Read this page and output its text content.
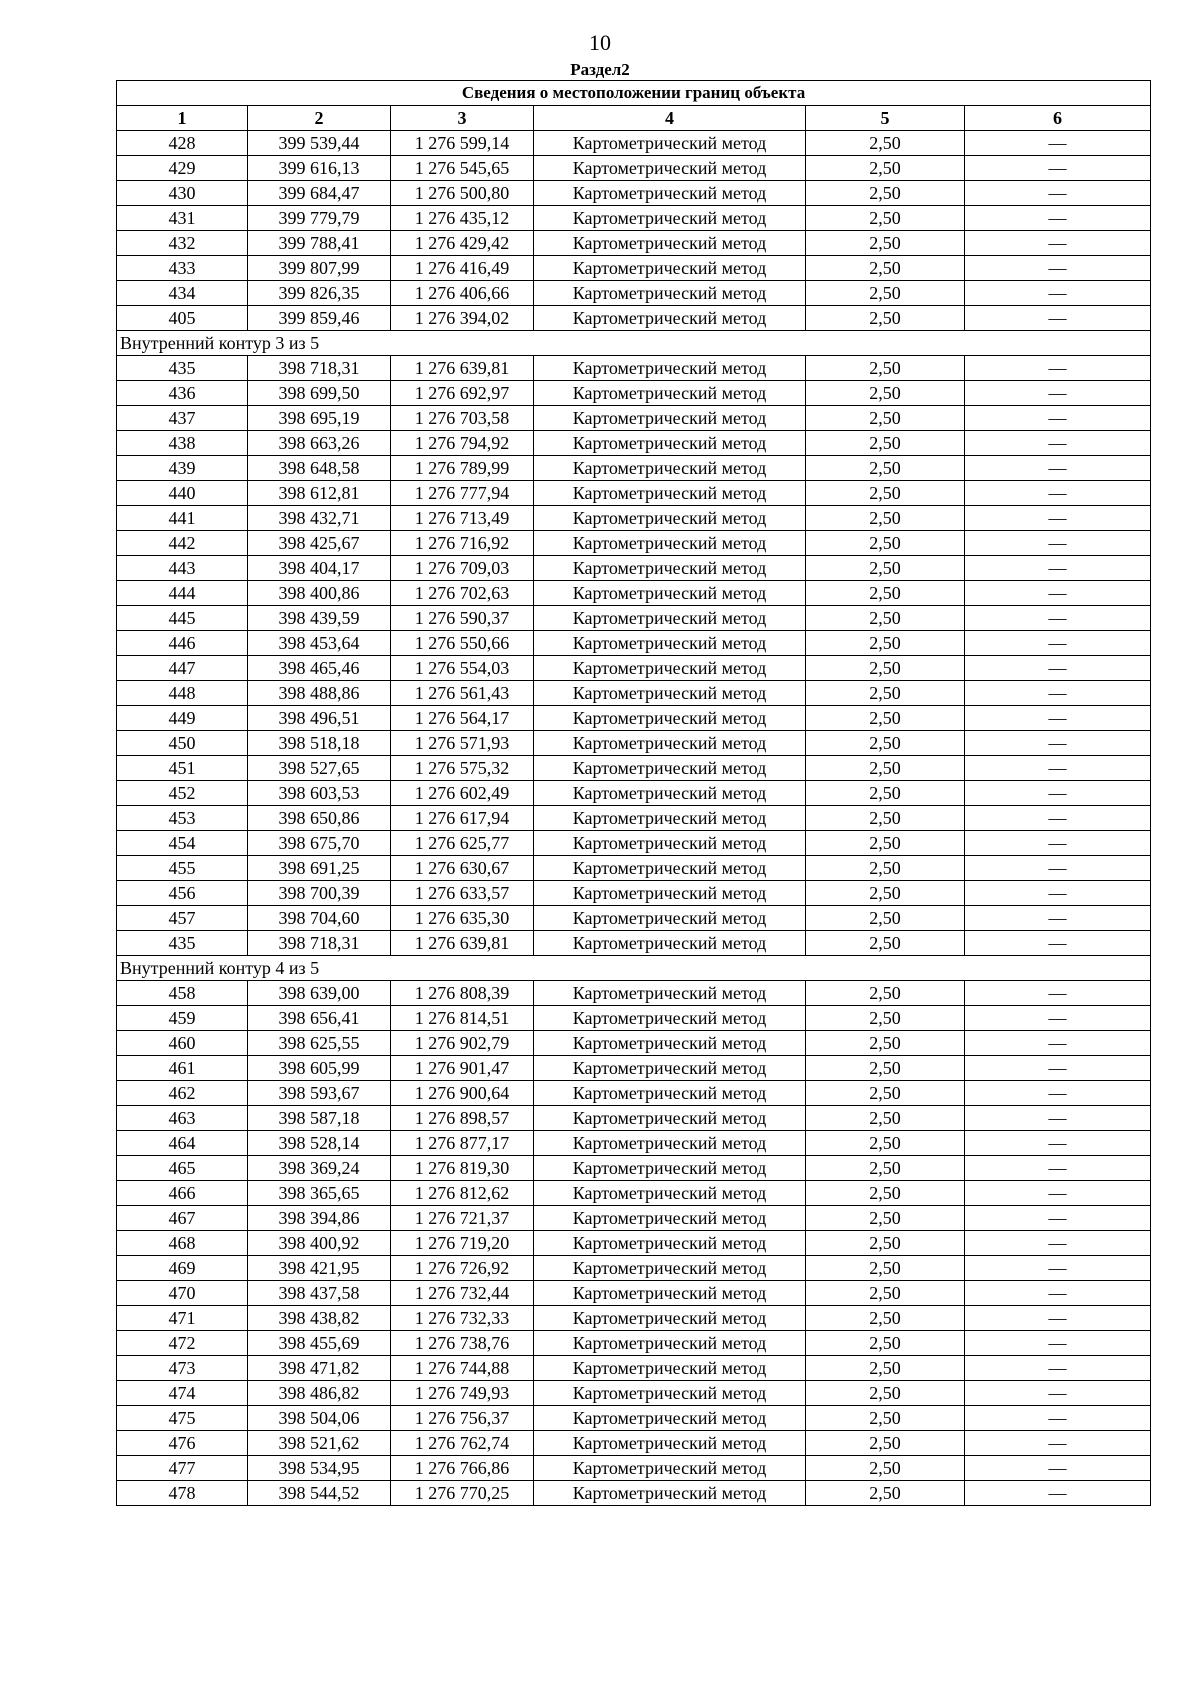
10
Раздел2
Сведения о местоположении границ объекта					
1	2	3	4	5	6
428	399 539,44	1 276 599,14	Картометрический метод	2,50	—
429	399 616,13	1 276 545,65	Картометрический метод	2,50	—
430	399 684,47	1 276 500,80	Картометрический метод	2,50	—
431	399 779,79	1 276 435,12	Картометрический метод	2,50	—
432	399 788,41	1 276 429,42	Картометрический метод	2,50	—
433	399 807,99	1 276 416,49	Картометрический метод	2,50	—
434	399 826,35	1 276 406,66	Картометрический метод	2,50	—
405	399 859,46	1 276 394,02	Картометрический метод	2,50	—
Внутренний контур 3 из 5					
435	398 718,31	1 276 639,81	Картометрический метод	2,50	—
436	398 699,50	1 276 692,97	Картометрический метод	2,50	—
437	398 695,19	1 276 703,58	Картометрический метод	2,50	—
438	398 663,26	1 276 794,92	Картометрический метод	2,50	—
439	398 648,58	1 276 789,99	Картометрический метод	2,50	—
440	398 612,81	1 276 777,94	Картометрический метод	2,50	—
441	398 432,71	1 276 713,49	Картометрический метод	2,50	—
442	398 425,67	1 276 716,92	Картометрический метод	2,50	—
443	398 404,17	1 276 709,03	Картометрический метод	2,50	—
444	398 400,86	1 276 702,63	Картометрический метод	2,50	—
445	398 439,59	1 276 590,37	Картометрический метод	2,50	—
446	398 453,64	1 276 550,66	Картометрический метод	2,50	—
447	398 465,46	1 276 554,03	Картометрический метод	2,50	—
448	398 488,86	1 276 561,43	Картометрический метод	2,50	—
449	398 496,51	1 276 564,17	Картометрический метод	2,50	—
450	398 518,18	1 276 571,93	Картометрический метод	2,50	—
451	398 527,65	1 276 575,32	Картометрический метод	2,50	—
452	398 603,53	1 276 602,49	Картометрический метод	2,50	—
453	398 650,86	1 276 617,94	Картометрический метод	2,50	—
454	398 675,70	1 276 625,77	Картометрический метод	2,50	—
455	398 691,25	1 276 630,67	Картометрический метод	2,50	—
456	398 700,39	1 276 633,57	Картометрический метод	2,50	—
457	398 704,60	1 276 635,30	Картометрический метод	2,50	—
435	398 718,31	1 276 639,81	Картометрический метод	2,50	—
Внутренний контур 4 из 5					
458	398 639,00	1 276 808,39	Картометрический метод	2,50	—
459	398 656,41	1 276 814,51	Картометрический метод	2,50	—
460	398 625,55	1 276 902,79	Картометрический метод	2,50	—
461	398 605,99	1 276 901,47	Картометрический метод	2,50	—
462	398 593,67	1 276 900,64	Картометрический метод	2,50	—
463	398 587,18	1 276 898,57	Картометрический метод	2,50	—
464	398 528,14	1 276 877,17	Картометрический метод	2,50	—
465	398 369,24	1 276 819,30	Картометрический метод	2,50	—
466	398 365,65	1 276 812,62	Картометрический метод	2,50	—
467	398 394,86	1 276 721,37	Картометрический метод	2,50	—
468	398 400,92	1 276 719,20	Картометрический метод	2,50	—
469	398 421,95	1 276 726,92	Картометрический метод	2,50	—
470	398 437,58	1 276 732,44	Картометрический метод	2,50	—
471	398 438,82	1 276 732,33	Картометрический метод	2,50	—
472	398 455,69	1 276 738,76	Картометрический метод	2,50	—
473	398 471,82	1 276 744,88	Картометрический метод	2,50	—
474	398 486,82	1 276 749,93	Картометрический метод	2,50	—
475	398 504,06	1 276 756,37	Картометрический метод	2,50	—
476	398 521,62	1 276 762,74	Картометрический метод	2,50	—
477	398 534,95	1 276 766,86	Картометрический метод	2,50	—
478	398 544,52	1 276 770,25	Картометрический метод	2,50	—
